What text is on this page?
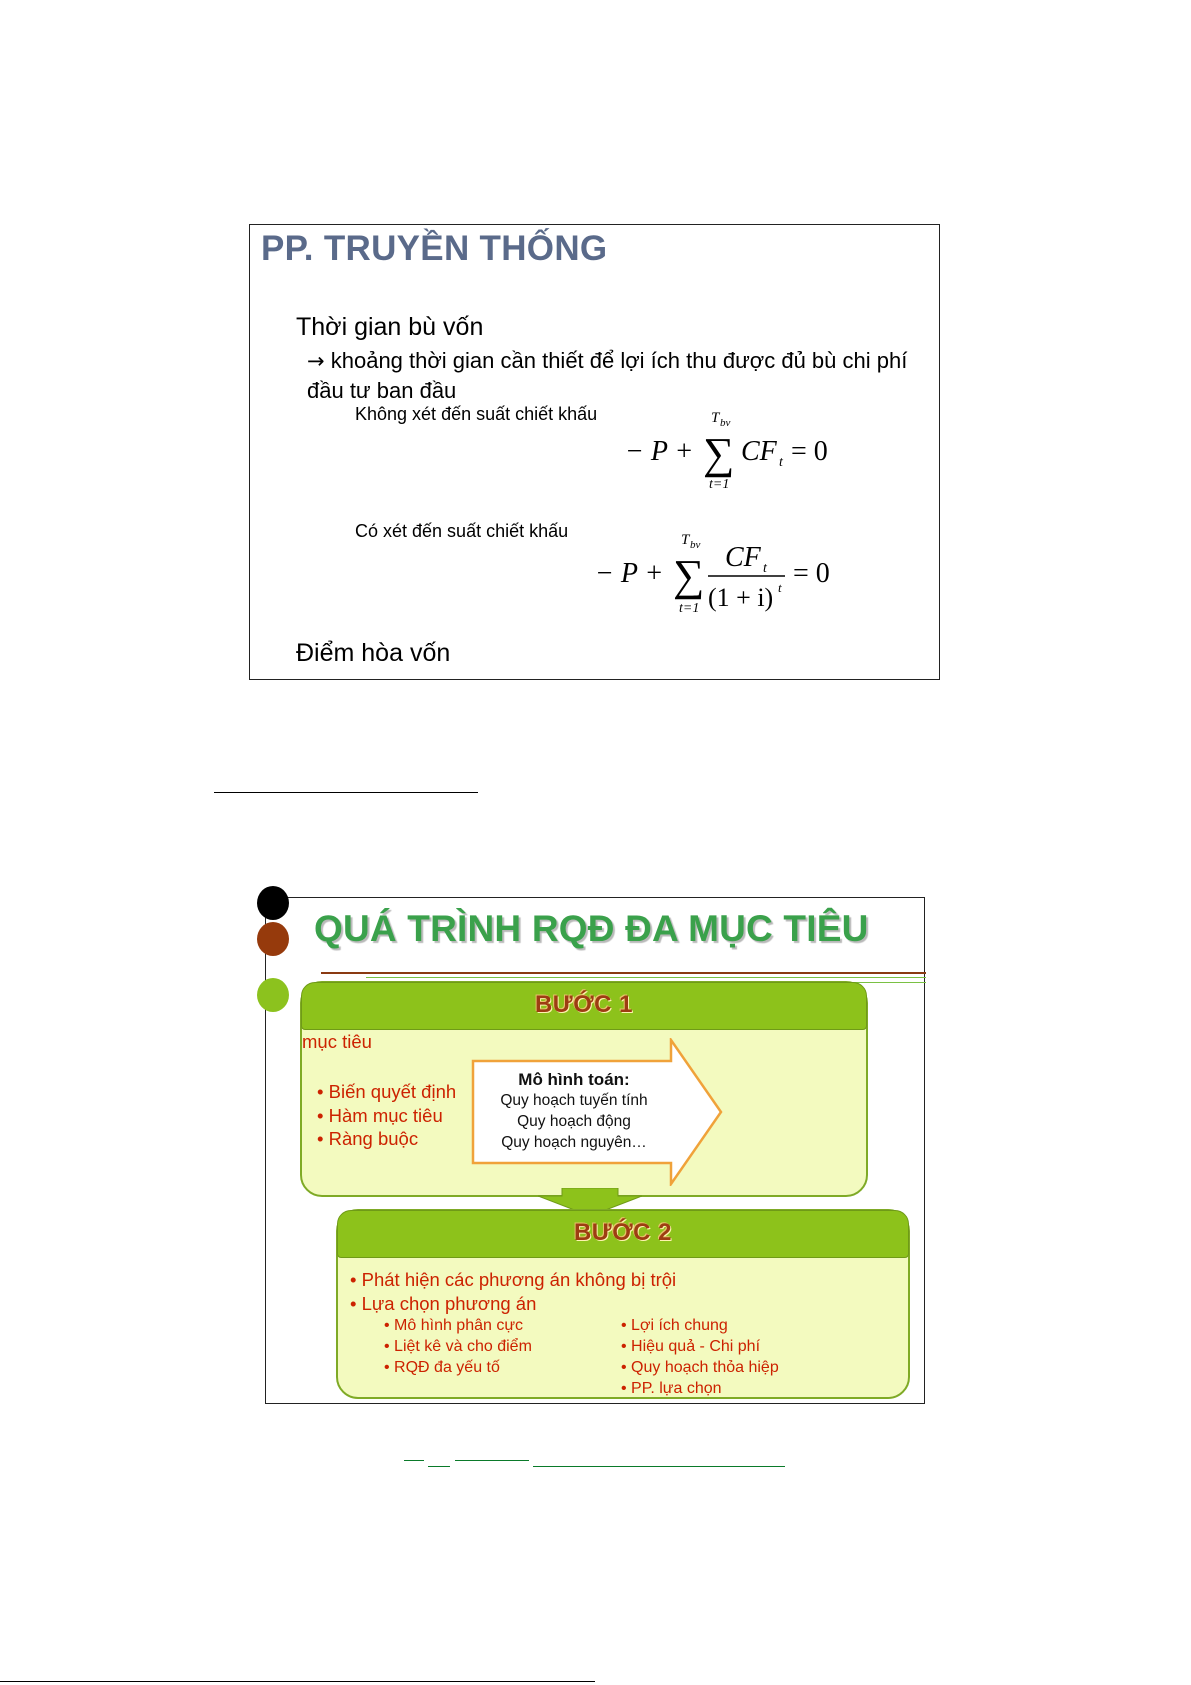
PP. TRUYỀN THỐNG
Thời gian bù vốn
→ khoảng thời gian cần thiết để lợi ích thu được đủ bù chi phí đầu tư ban đầu
Không xét đến suất chiết khấu
− P +
T bv
∑
t=1
CF t = 0
Có xét đến suất chiết khấu
− P +
T bv
∑
t=1
CF t
(1 + i) t = 0
Điểm hòa vốn
QUÁ TRÌNH RQĐ ĐA MỤC TIÊU
BƯỚC 1
• Biến quyết định
• Hàm mục tiêu
• Ràng buộc
Mô hình toán:
Quy hoạch tuyến tính
Quy hoạch động
Quy hoạch nguyên…
mục tiêu
BƯỚC 2
• Phát hiện các phương án không bị trội
• Lựa chọn phương án
• Mô hình phân cực
• Liệt kê và cho điểm
• RQĐ đa yếu tố
• Lợi ích chung
• Hiệu quả - Chi phí
• Quy hoạch thỏa hiệp
• PP. lựa chọn
